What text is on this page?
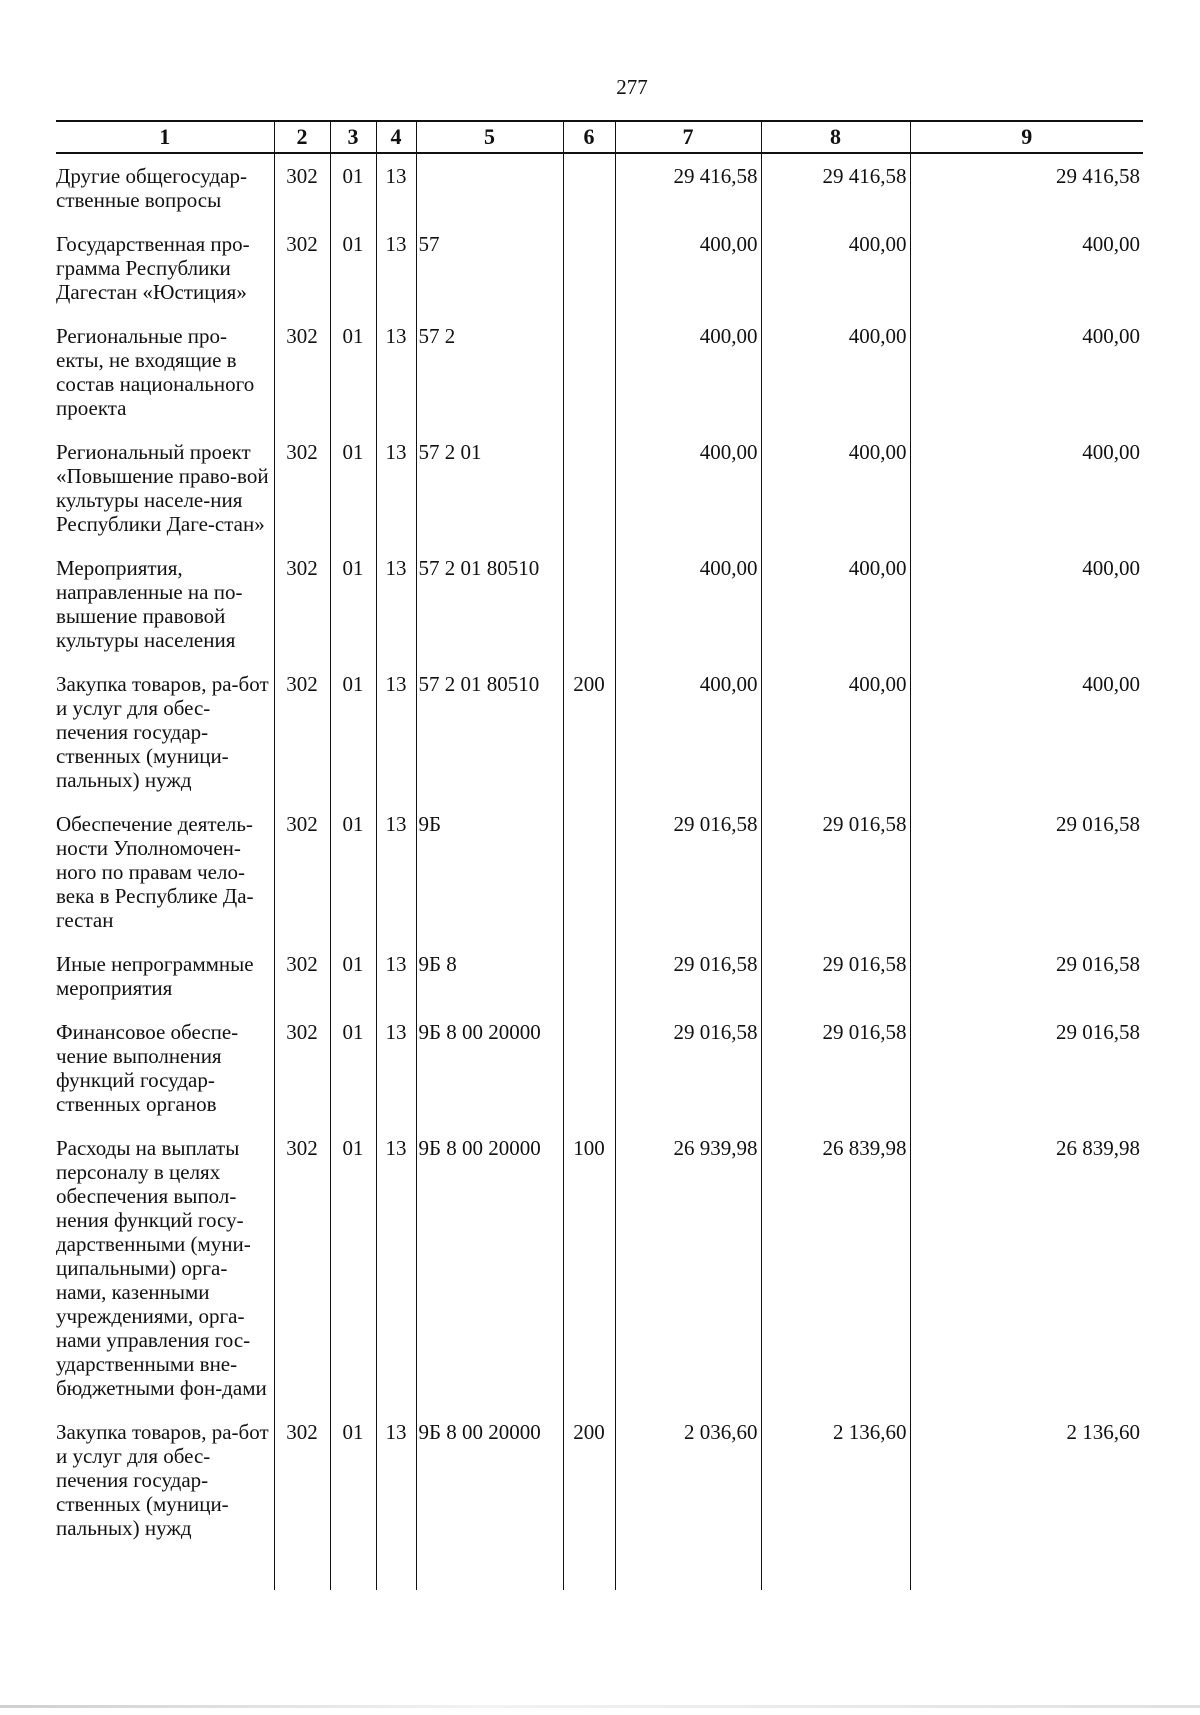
277
1	2	3	4	5	6	7	8	9
Другие общегосудар-ственные вопросы	302	01	13			29 416,58	29 416,58	29 416,58
Государственная про-грамма Республики Дагестан «Юстиция»	302	01	13	57		400,00	400,00	400,00
Региональные про-екты, не входящие в состав национального проекта	302	01	13	57 2		400,00	400,00	400,00
Региональный проект «Повышение право-вой культуры населе-ния Республики Даге-стан»	302	01	13	57 2 01		400,00	400,00	400,00
Мероприятия, направленные на по-вышение правовой культуры населения	302	01	13	57 2 01 80510		400,00	400,00	400,00
Закупка товаров, ра-бот и услуг для обес-печения государ-ственных (муници-пальных) нужд	302	01	13	57 2 01 80510	200	400,00	400,00	400,00
Обеспечение деятель-ности Уполномочен-ного по правам чело-века в Республике Да-гестан	302	01	13	9Б		29 016,58	29 016,58	29 016,58
Иные непрограммные мероприятия	302	01	13	9Б 8		29 016,58	29 016,58	29 016,58
Финансовое обеспе-чение выполнения функций государ-ственных органов	302	01	13	9Б 8 00 20000		29 016,58	29 016,58	29 016,58
Расходы на выплаты персоналу в целях обеспечения выпол-нения функций госу-дарственными (муни-ципальными) орга-нами, казенными учреждениями, орга-нами управления гос-ударственными вне-бюджетными фон-дами	302	01	13	9Б 8 00 20000	100	26 939,98	26 839,98	26 839,98
Закупка товаров, ра-бот и услуг для обес-печения государ-ственных (муници-пальных) нужд	302	01	13	9Б 8 00 20000	200	2 036,60	2 136,60	2 136,60
